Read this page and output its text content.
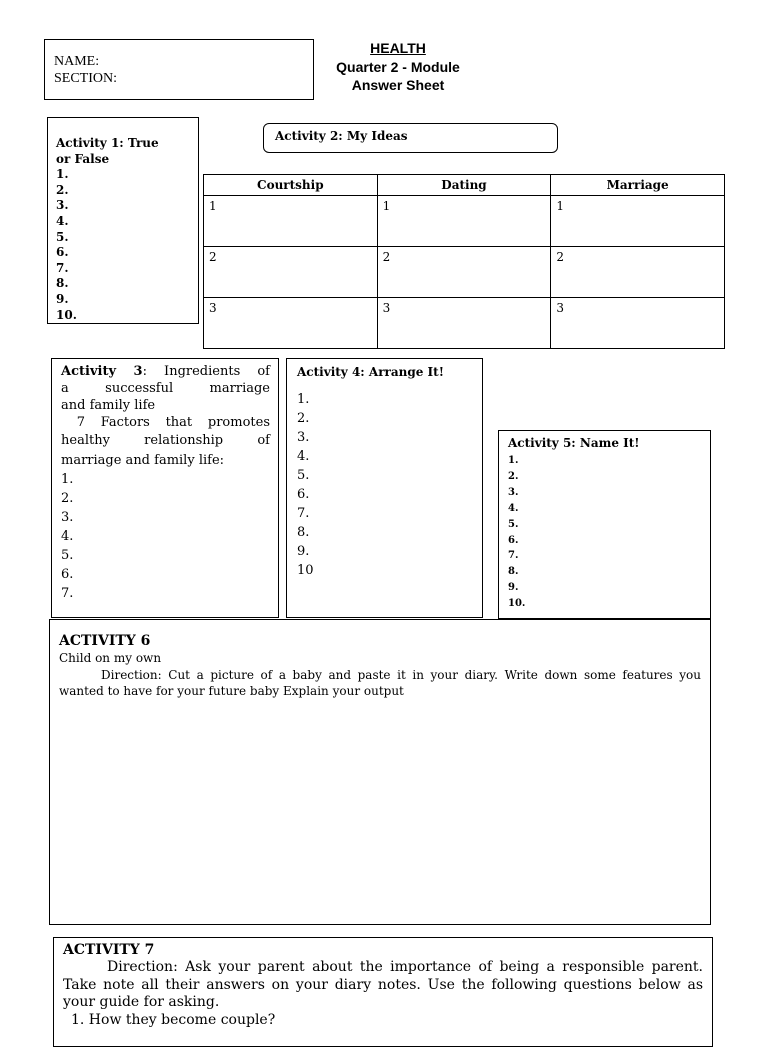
NAME:
SECTION:
HEALTH
Quarter 2 - Module
Answer Sheet
Activity 1: True
or False
1.
2.
3.
4.
5.
6.
7.
8.
9.
10.
Activity 2: My Ideas
Courtship	Dating	Marriage
1	1	1
2	2	2
3	3	3

Activity 3: Ingredients of

a successful marriage

and family life

7 Factors that promotes

healthy relationship of

marriage and family life:

1.
2.
3.
4.
5.
6.
7.
Activity 4: Arrange It!
1.
2.
3.
4.
5.
6.
7.
8.
9.
10
Activity 5: Name It!
1.
2.
3.
4.
5.
6.
7.
8.
9.
10.
ACTIVITY 6
Child on my own
Direction: Cut a picture of a baby and paste it in your diary. Write down some features you wanted to have for your future baby Explain your output
ACTIVITY 7
Direction: Ask your parent about the importance of being a responsible parent. Take note all their answers on your diary notes. Use the following questions below as your guide for asking.
1. How they become couple?
